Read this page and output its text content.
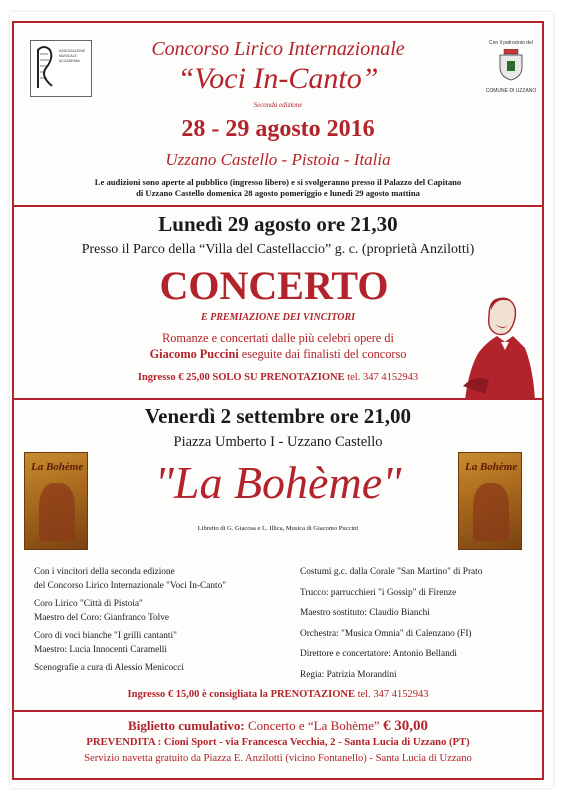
ASSOCIAZIONE MUSICALE ACCADEMIA
Con il patrocinio del
COMUNE DI UZZANO
Concorso Lirico Internazionale
“Voci In-Canto”
Seconda edizione
28 - 29 agosto 2016
Uzzano Castello - Pistoia - Italia
Le audizioni sono aperte al pubblico (ingresso libero) e si svolgeranno presso il Palazzo del Capitano
di Uzzano Castello domenica 28 agosto pomeriggio e lunedì 29 agosto mattina
Lunedì 29 agosto ore 21,30
Presso il Parco della “Villa del Castellaccio” g. c. (proprietà Anzilotti)
CONCERTO
E PREMIAZIONE DEI VINCITORI
Romanze e concertati dalle più celebri opere di
Giacomo Puccini eseguite dai finalisti del concorso
Ingresso € 25,00 SOLO SU PRENOTAZIONE tel. 347 4152943
Venerdì 2 settembre ore 21,00
Piazza Umberto I - Uzzano Castello
"La Bohème"
Libretto di G. Giacosa e L. Illica, Musica di Giacomo Puccini
La Bohème	La Bohème
Con i vincitori della seconda edizione
del Concorso Lirico Internazionale "Voci In-Canto"
Coro Lirico "Città di Pistoia"
Maestro del Coro: Gianfranco Tolve
Coro di voci bianche "I grilli cantanti"
Maestro: Lucia Innocenti Caramelli
Scenografie a cura di Alessio Menicocci
Costumi g.c. dalla Corale "San Martino" di Prato
Trucco: parrucchieri "i Gossip" di Firenze
Maestro sostituto: Claudio Bianchi
Orchestra: "Musica Omnia" di Calenzano (FI)
Direttore e concertatore: Antonio Bellandi
Regia: Patrizia Morandini
Ingresso € 15,00 è consigliata la PRENOTAZIONE tel. 347 4152943
Biglietto cumulativo: Concerto e “La Bohème” € 30,00
PREVENDITA : Cioni Sport - via Francesca Vecchia, 2 - Santa Lucia di Uzzano (PT)
Servizio navetta gratuito da Piazza E. Anzilotti (vicino Fontanello) - Santa Lucia di Uzzano
